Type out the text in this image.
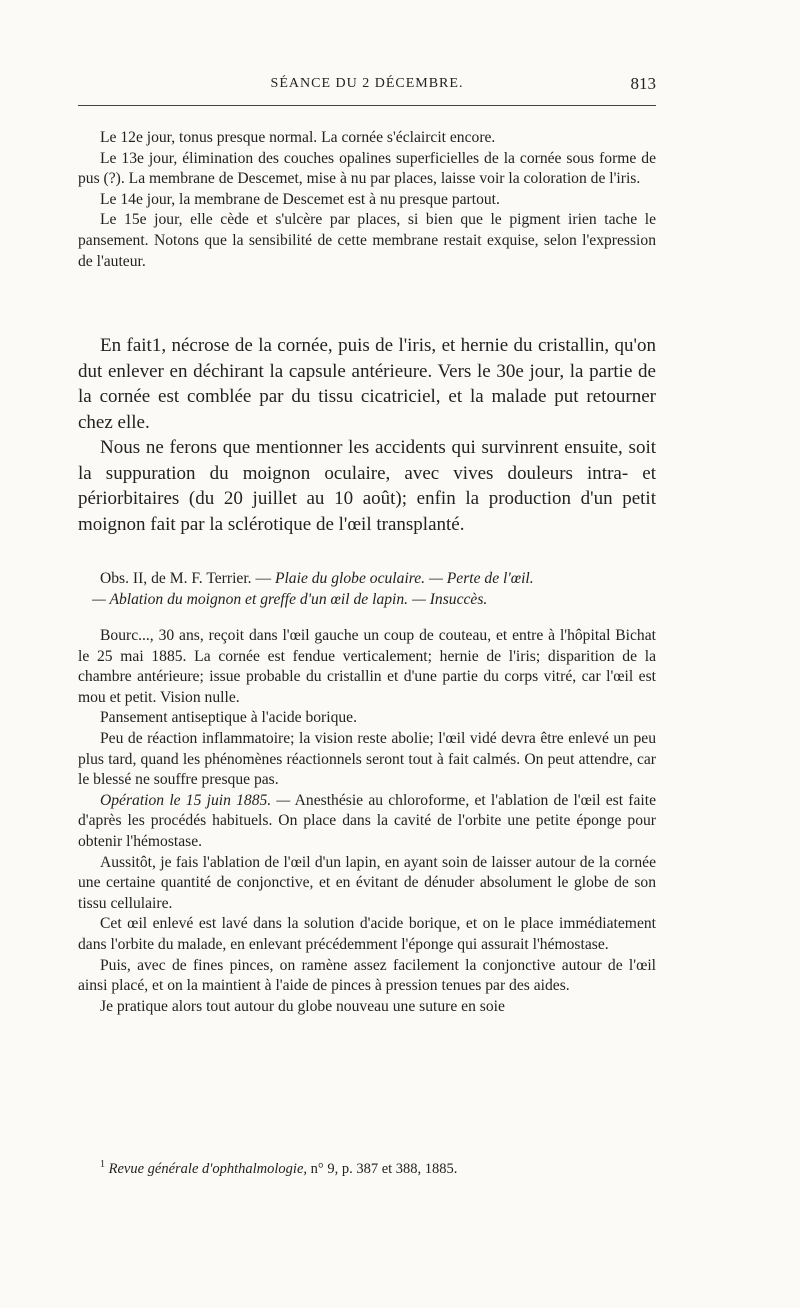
SÉANCE DU 2 DÉCEMBRE.	813

Le 12e jour, tonus presque normal. La cornée s'éclaircit encore.

Le 13e jour, élimination des couches opalines superficielles de la cornée sous forme de pus (?). La membrane de Descemet, mise à nu par places, laisse voir la coloration de l'iris.

Le 14e jour, la membrane de Descemet est à nu presque partout.

Le 15e jour, elle cède et s'ulcère par places, si bien que le pigment irien tache le pansement. Notons que la sensibilité de cette membrane restait exquise, selon l'expression de l'auteur.

En fait1, nécrose de la cornée, puis de l'iris, et hernie du cristallin, qu'on dut enlever en déchirant la capsule antérieure. Vers le 30e jour, la partie de la cornée est comblée par du tissu cicatriciel, et la malade put retourner chez elle.

Nous ne ferons que mentionner les accidents qui survinrent ensuite, soit la suppuration du moignon oculaire, avec vives douleurs intra- et périorbitaires (du 20 juillet au 10 août); enfin la production d'un petit moignon fait par la sclérotique de l'œil transplanté.

Obs. II, de M. F. Terrier. — Plaie du globe oculaire. — Perte de l'œil.

— Ablation du moignon et greffe d'un œil de lapin. — Insuccès.

Bourc..., 30 ans, reçoit dans l'œil gauche un coup de couteau, et entre à l'hôpital Bichat le 25 mai 1885. La cornée est fendue verticalement; hernie de l'iris; disparition de la chambre antérieure; issue probable du cristallin et d'une partie du corps vitré, car l'œil est mou et petit. Vision nulle.

Pansement antiseptique à l'acide borique.

Peu de réaction inflammatoire; la vision reste abolie; l'œil vidé devra être enlevé un peu plus tard, quand les phénomènes réactionnels seront tout à fait calmés. On peut attendre, car le blessé ne souffre presque pas.

Opération le 15 juin 1885. — Anesthésie au chloroforme, et l'ablation de l'œil est faite d'après les procédés habituels. On place dans la cavité de l'orbite une petite éponge pour obtenir l'hémostase.

Aussitôt, je fais l'ablation de l'œil d'un lapin, en ayant soin de laisser autour de la cornée une certaine quantité de conjonctive, et en évitant de dénuder absolument le globe de son tissu cellulaire.

Cet œil enlevé est lavé dans la solution d'acide borique, et on le place immédiatement dans l'orbite du malade, en enlevant précédemment l'éponge qui assurait l'hémostase.

Puis, avec de fines pinces, on ramène assez facilement la conjonctive autour de l'œil ainsi placé, et on la maintient à l'aide de pinces à pression tenues par des aides.

Je pratique alors tout autour du globe nouveau une suture en soie

$^1$ Revue générale d'ophthalmologie, n° 9, p. 387 et 388, 1885.
